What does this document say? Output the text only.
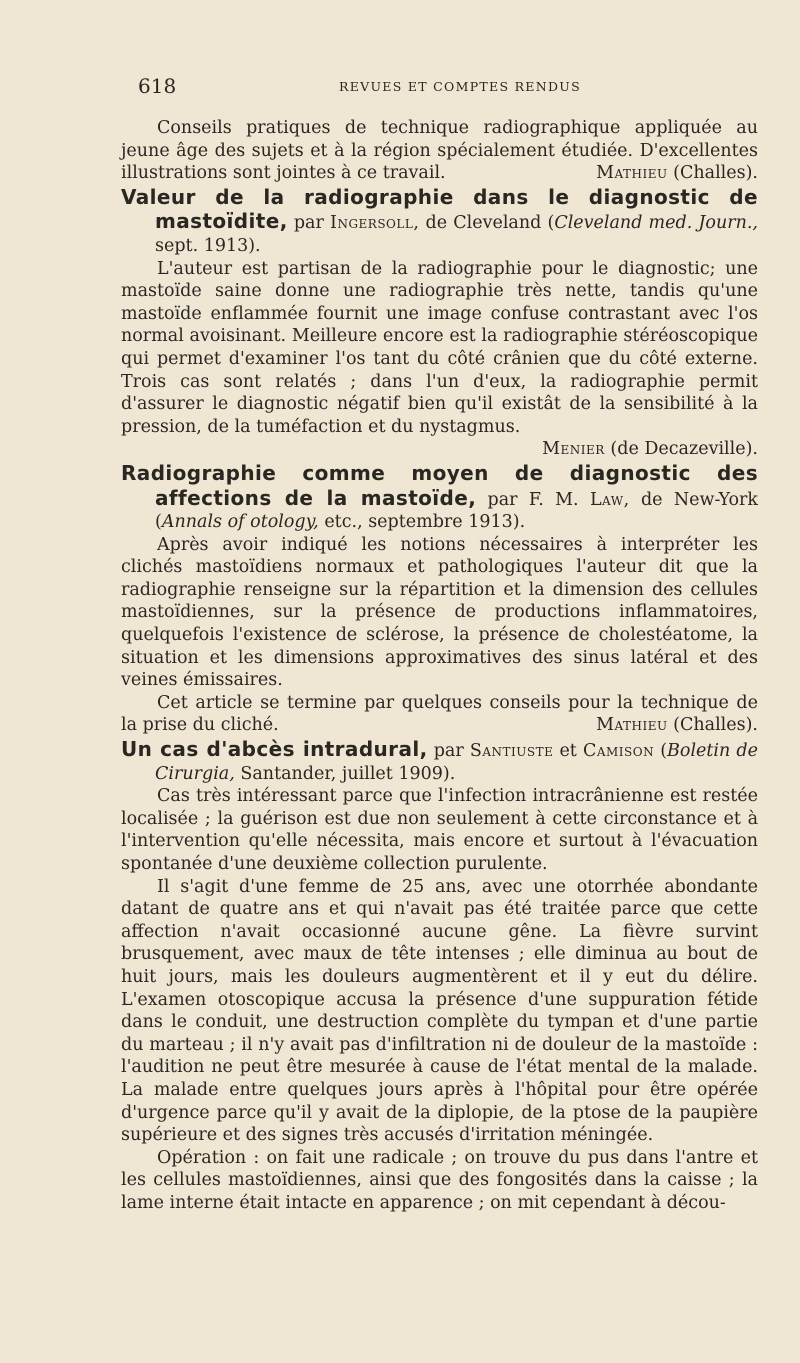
618	REVUES ET COMPTES RENDUS

Conseils pratiques de technique radiographique appliquée au jeune âge des sujets et à la région spécialement étudiée. D'excellentes illustrations sont jointes à ce travail.	Mathieu (Challes).

Valeur de la radiographie dans le diagnostic de mastoïdite, par Ingersoll, de Cleveland (Cleveland med. Journ., sept. 1913).

L'auteur est partisan de la radiographie pour le diagnostic; une mastoïde saine donne une radiographie très nette, tandis qu'une mastoïde enflammée fournit une image confuse contrastant avec l'os normal avoisinant. Meilleure encore est la radiographie stéréoscopique qui permet d'examiner l'os tant du côté crânien que du côté externe. Trois cas sont relatés ; dans l'un d'eux, la radiographie permit d'assurer le diagnostic négatif bien qu'il existât de la sensibilité à la pression, de la tuméfaction et du nystagmus.

Menier (de Decazeville).

Radiographie comme moyen de diagnostic des affections de la mastoïde, par F. M. Law, de New-York (Annals of otology, etc., septembre 1913).

Après avoir indiqué les notions nécessaires à interpréter les clichés mastoïdiens normaux et pathologiques l'auteur dit que la radiographie renseigne sur la répartition et la dimension des cellules mastoïdiennes, sur la présence de productions inflammatoires, quelquefois l'existence de sclérose, la présence de cholestéatome, la situation et les dimensions approximatives des sinus latéral et des veines émissaires.

Cet article se termine par quelques conseils pour la technique de la prise du cliché.	Mathieu (Challes).

Un cas d'abcès intradural, par Santiuste et Camison (Boletin de Cirurgia, Santander, juillet 1909).

Cas très intéressant parce que l'infection intracrânienne est restée localisée ; la guérison est due non seulement à cette circonstance et à l'intervention qu'elle nécessita, mais encore et surtout à l'évacuation spontanée d'une deuxième collection purulente.

Il s'agit d'une femme de 25 ans, avec une otorrhée abondante datant de quatre ans et qui n'avait pas été traitée parce que cette affection n'avait occasionné aucune gêne. La fièvre survint brusquement, avec maux de tête intenses ; elle diminua au bout de huit jours, mais les douleurs augmentèrent et il y eut du délire. L'examen otoscopique accusa la présence d'une suppuration fétide dans le conduit, une destruction complète du tympan et d'une partie du marteau ; il n'y avait pas d'infiltration ni de douleur de la mastoïde : l'audition ne peut être mesurée à cause de l'état mental de la malade. La malade entre quelques jours après à l'hôpital pour être opérée d'urgence parce qu'il y avait de la diplopie, de la ptose de la paupière supérieure et des signes très accusés d'irritation méningée.

Opération : on fait une radicale ; on trouve du pus dans l'antre et les cellules mastoïdiennes, ainsi que des fongosités dans la caisse ; la lame interne était intacte en apparence ; on mit cependant à décou-
